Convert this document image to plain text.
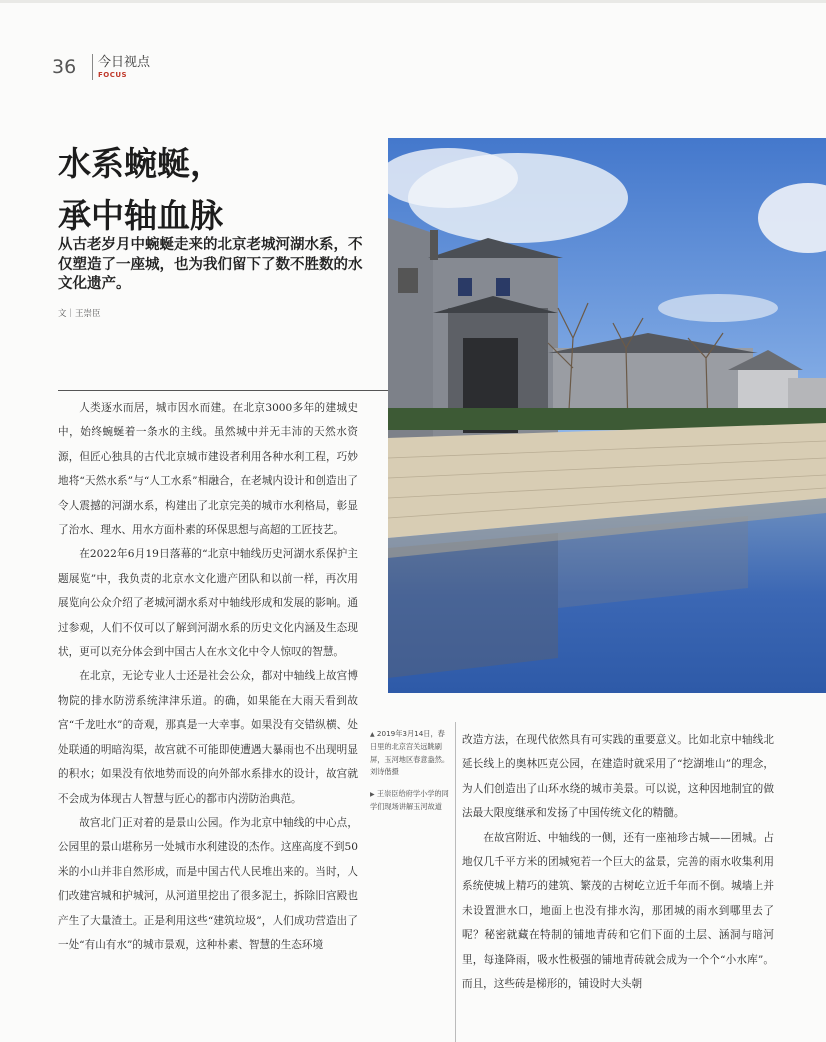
36 今日视点
FOCUS
水系蜿蜒，
承中轴血脉
从古老岁月中蜿蜒走来的北京老城河湖水系，不仅塑造了一座城，也为我们留下了数不胜数的水文化遗产。
文｜王崇臣

人类逐水而居，城市因水而建。在北京3000多年的建城史中，始终蜿蜒着一条水的主线。虽然城中并无丰沛的天然水资源，但匠心独具的古代北京城市建设者利用各种水利工程，巧妙地将“天然水系”与“人工水系”相融合，在老城内设计和创造出了令人震撼的河湖水系，构建出了北京完美的城市水利格局，彰显了治水、理水、用水方面朴素的环保思想与高超的工匠技艺。

在2022年6月19日落幕的“北京中轴线历史河湖水系保护主题展览”中，我负责的北京水文化遗产团队和以前一样，再次用展览向公众介绍了老城河湖水系对中轴线形成和发展的影响。通过参观，人们不仅可以了解到河湖水系的历史文化内涵及生态现状，更可以充分体会到中国古人在水文化中令人惊叹的智慧。

在北京，无论专业人士还是社会公众，都对中轴线上故宫博物院的排水防涝系统津津乐道。的确，如果能在大雨天看到故宫“千龙吐水”的奇观，那真是一大幸事。如果没有交错纵横、处处联通的明暗沟渠，故宫就不可能即使遭遇大暴雨也不出现明显的积水；如果没有依地势而设的向外部水系排水的设计，故宫就不会成为体现古人智慧与匠心的都市内涝防治典范。

故宫北门正对着的是景山公园。作为北京中轴线的中心点，公园里的景山堪称另一处城市水利建设的杰作。这座高度不到50米的小山并非自然形成，而是中国古代人民堆出来的。当时，人们改建宫城和护城河，从河道里挖出了很多泥土，拆除旧宫殿也产生了大量渣土。正是利用这些“建筑垃圾”，人们成功营造出了一处“有山有水”的城市景观，这种朴素、智慧的生态环境

▲ 2019年3月14日，春日里的北京宫关远眺刷屏，玉河地区春意盎然。刘诗偕摄
▶ 王崇臣给府学小学的同学们现场讲解玉河故道

改造方法，在现代依然具有可实践的重要意义。比如北京中轴线北延长线上的奥林匹克公园，在建造时就采用了“挖湖堆山”的理念，为人们创造出了山环水绕的城市美景。可以说，这种因地制宜的做法最大限度继承和发扬了中国传统文化的精髓。

在故宫附近、中轴线的一侧，还有一座袖珍古城——团城。占地仅几千平方米的团城宛若一个巨大的盆景，完善的雨水收集利用系统使城上精巧的建筑、繁茂的古树屹立近千年而不倒。城墙上并未设置泄水口，地面上也没有排水沟，那团城的雨水到哪里去了呢？秘密就藏在特制的铺地青砖和它们下面的土层、涵洞与暗河里，每逢降雨，吸水性极强的铺地青砖就会成为一个个“小水库”。而且，这些砖是梯形的，铺设时大头朝
